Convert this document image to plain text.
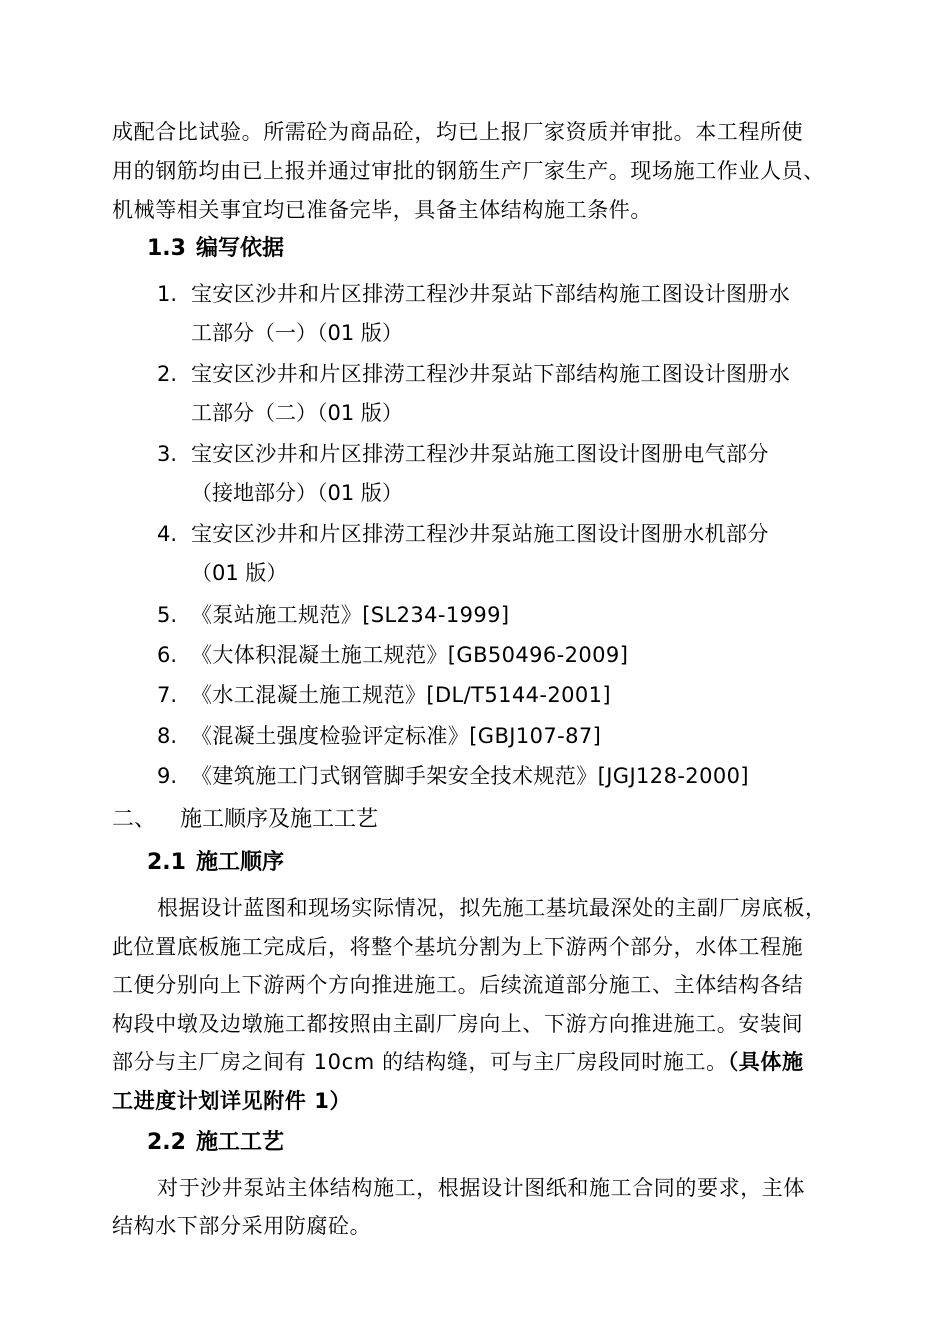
成配合比试验。所需砼为商品砼，均已上报厂家资质并审批。本工程所使
用的钢筋均由已上报并通过审批的钢筋生产厂家生产。现场施工作业人员、
机械等相关事宜均已准备完毕，具备主体结构施工条件。
1.3 编写依据
1. 宝安区沙井和片区排涝工程沙井泵站下部结构施工图设计图册水
工部分（一）（01 版）
2. 宝安区沙井和片区排涝工程沙井泵站下部结构施工图设计图册水
工部分（二）（01 版）
3. 宝安区沙井和片区排涝工程沙井泵站施工图设计图册电气部分
（接地部分）（01 版）
4. 宝安区沙井和片区排涝工程沙井泵站施工图设计图册水机部分
（01 版）
5. 《泵站施工规范》[SL234-1999]
6. 《大体积混凝土施工规范》[GB50496-2009]
7. 《水工混凝土施工规范》[DL/T5144-2001]
8. 《混凝土强度检验评定标准》[GBJ107-87]
9. 《建筑施工门式钢管脚手架安全技术规范》[JGJ128-2000]
二、 施工顺序及施工工艺
2.1 施工顺序
根据设计蓝图和现场实际情况，拟先施工基坑最深处的主副厂房底板，
此位置底板施工完成后，将整个基坑分割为上下游两个部分，水体工程施
工便分别向上下游两个方向推进施工。后续流道部分施工、主体结构各结
构段中墩及边墩施工都按照由主副厂房向上、下游方向推进施工。安装间
部分与主厂房之间有 10cm 的结构缝，可与主厂房段同时施工。（具体施
工进度计划详见附件 1）
2.2 施工工艺
对于沙井泵站主体结构施工，根据设计图纸和施工合同的要求，主体
结构水下部分采用防腐砼。
